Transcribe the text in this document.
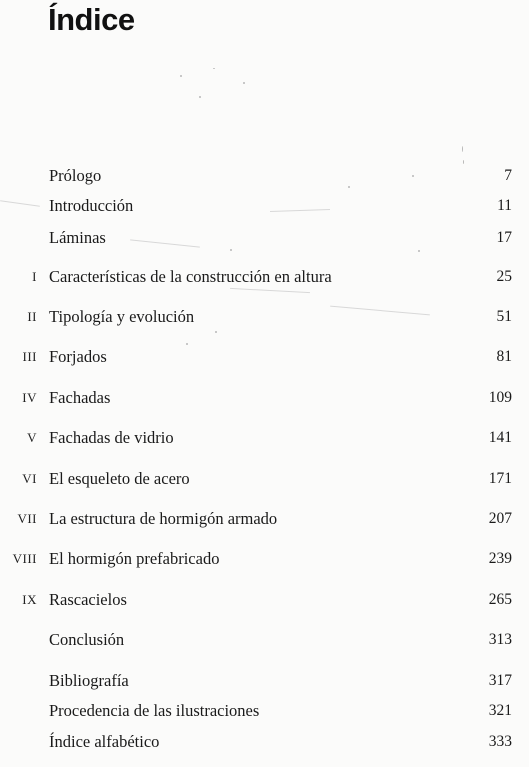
Índice
Prólogo	7
Introducción	11
Láminas	17
I Características de la construcción en altura	25
II Tipología y evolución	51
III Forjados	81
IV Fachadas	109
V Fachadas de vidrio	141
VI El esqueleto de acero	171
VII La estructura de hormigón armado	207
VIII El hormigón prefabricado	239
IX Rascacielos	265
Conclusión	313
Bibliografía	317
Procedencia de las ilustraciones	321
Índice alfabético	333
